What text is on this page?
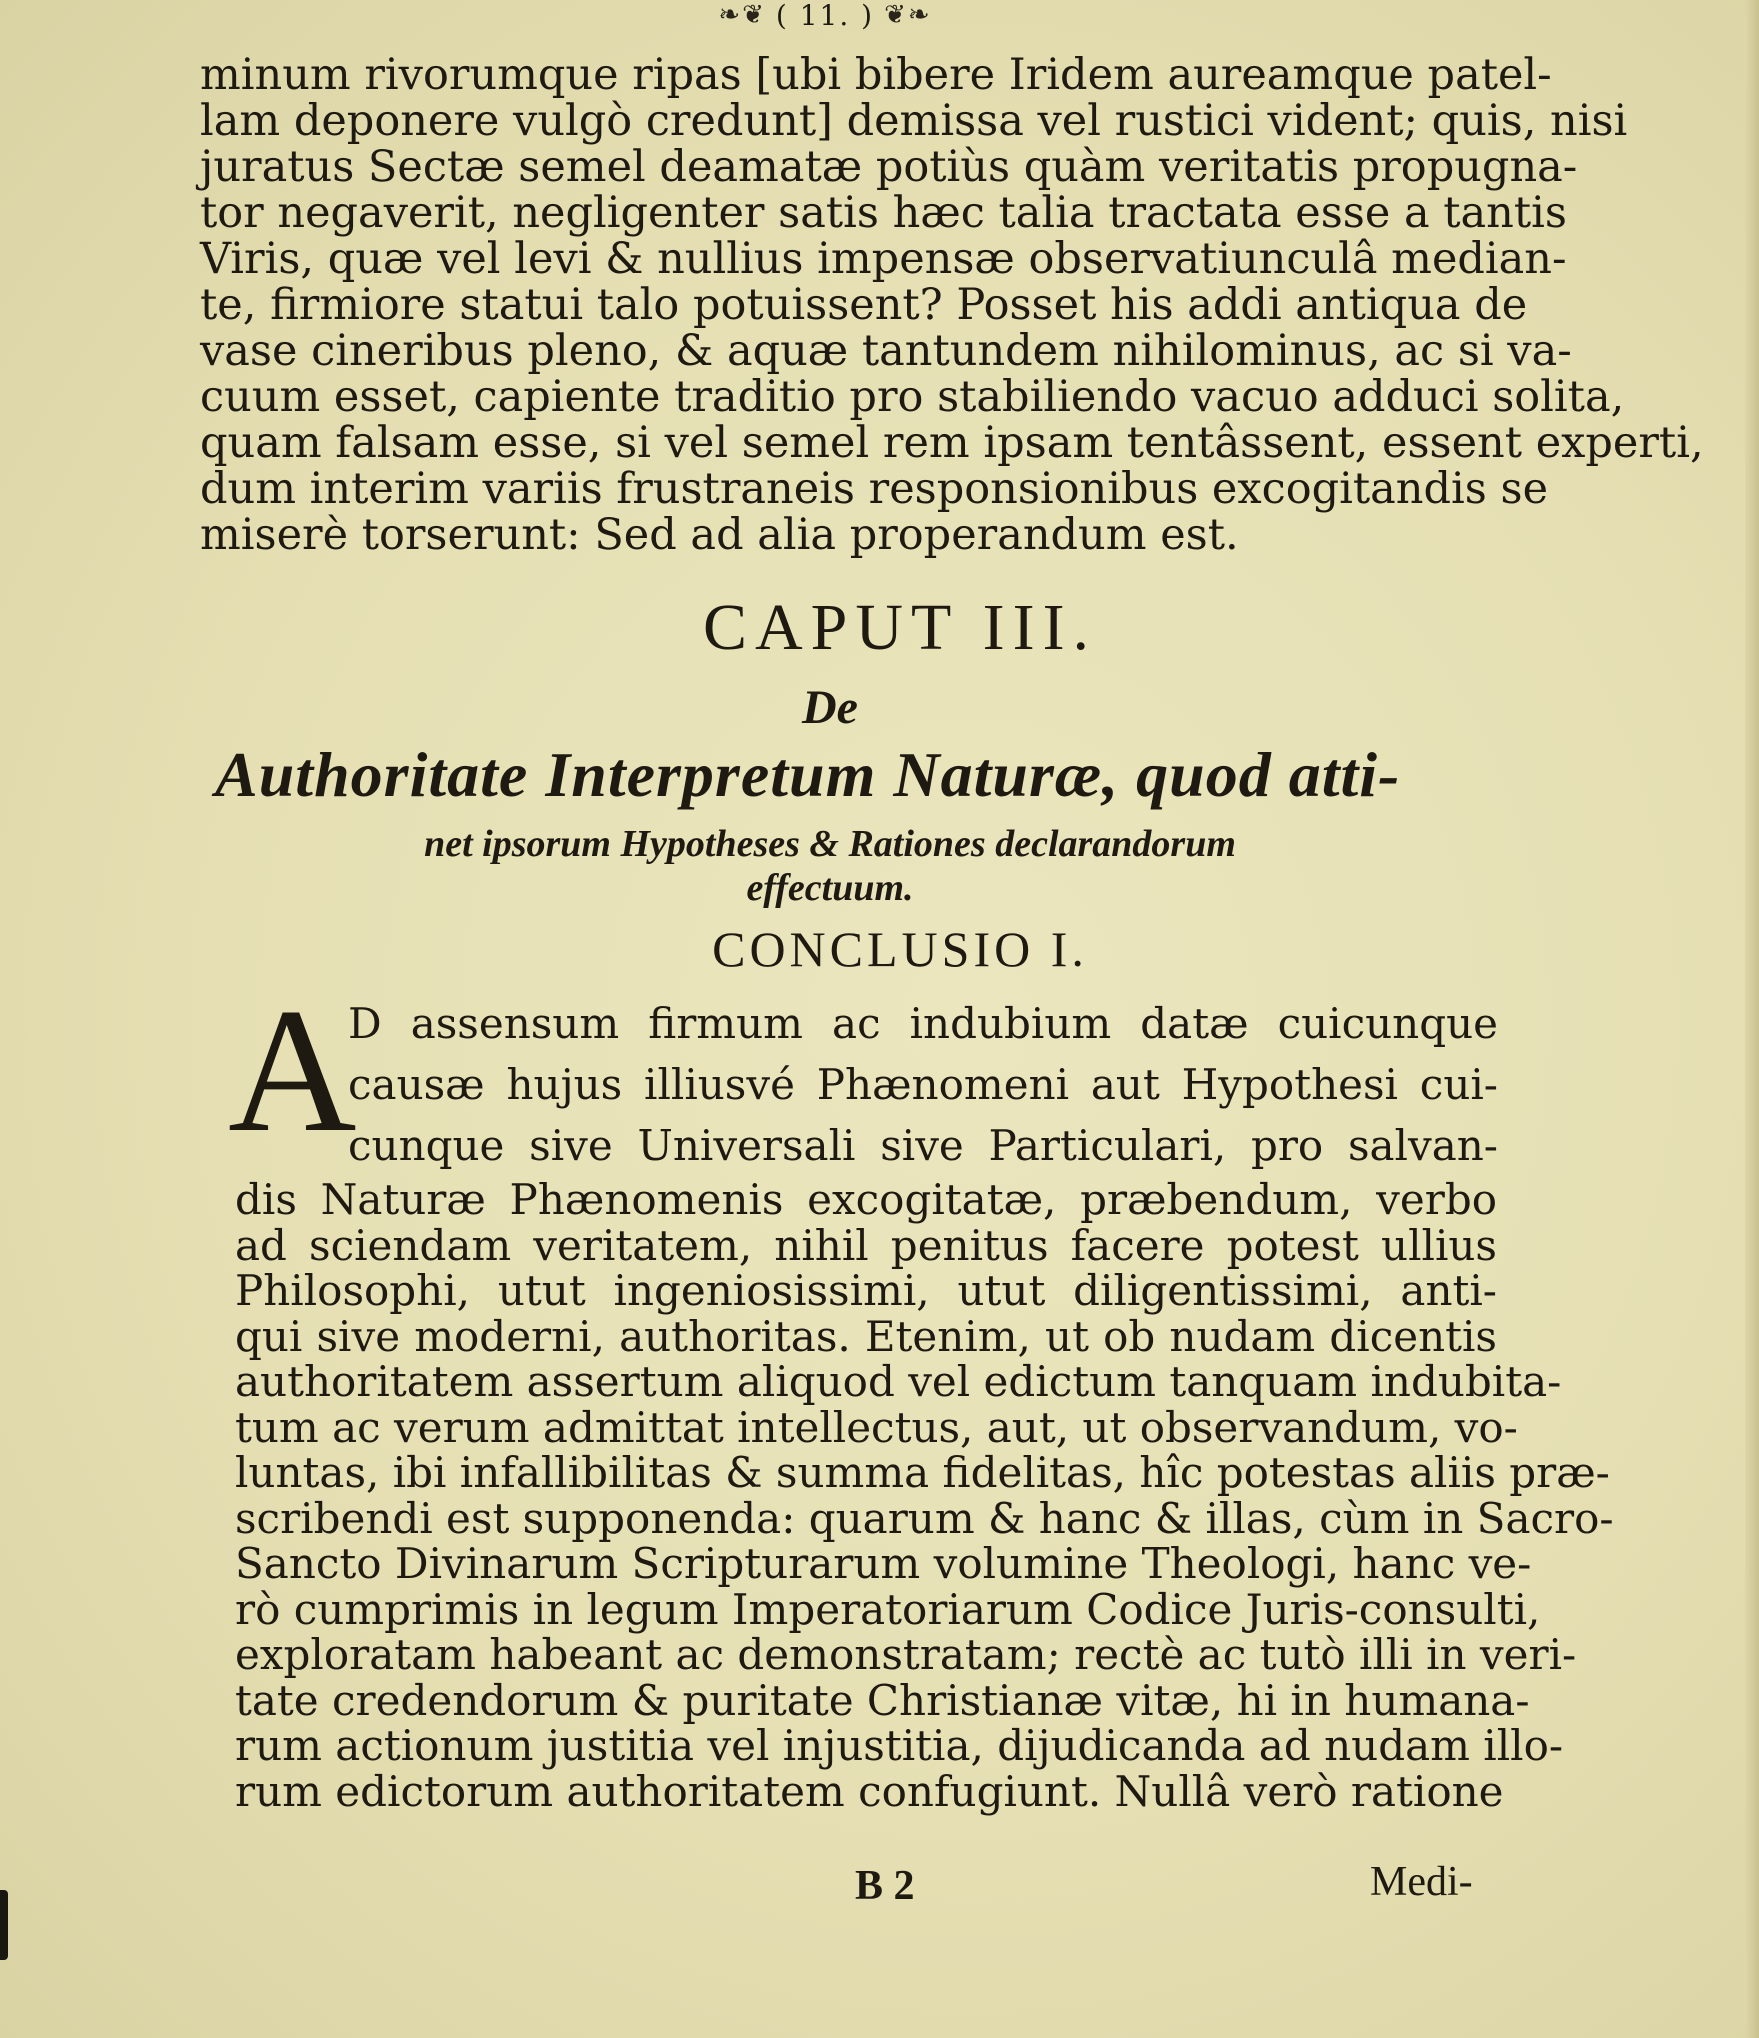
❧❦ ( 11. ) ❦❧
minum rivorumque ripas [ubi bibere Iridem aureamque patel-
lam deponere vulgò credunt] demissa vel rustici vident; quis, nisi
juratus Sectæ semel deamatæ potiùs quàm veritatis propugna-
tor negaverit, negligenter satis hæc talia tractata esse a tantis
Viris, quæ vel levi & nullius impensæ observatiunculâ median-
te, firmiore statui talo potuissent? Posset his addi antiqua de
vase cineribus pleno, & aquæ tantundem nihilominus, ac si va-
cuum esset, capiente traditio pro stabiliendo vacuo adduci solita,
quam falsam esse, si vel semel rem ipsam tentâssent, essent experti,
dum interim variis frustraneis responsionibus excogitandis se
miserè torserunt: Sed ad alia properandum est.
CAPUT III.
De
Authoritate Interpretum Naturæ, quod atti-
net ipsorum Hypotheses & Rationes declarandorum
effectuum.
CONCLUSIO I.
A
D assensum firmum ac indubium datæ cuicunque
causæ hujus illiusvé Phænomeni aut Hypothesi cui-
cunque sive Universali sive Particulari, pro salvan-
dis Naturæ Phænomenis excogitatæ, præbendum, verbo
ad sciendam veritatem, nihil penitus facere potest ullius
Philosophi, utut ingeniosissimi, utut diligentissimi, anti-
qui sive moderni, authoritas. Etenim, ut ob nudam dicentis
authoritatem assertum aliquod vel edictum tanquam indubita-
tum ac verum admittat intellectus, aut, ut observandum, vo-
luntas, ibi infallibilitas & summa fidelitas, hîc potestas aliis præ-
scribendi est supponenda: quarum & hanc & illas, cùm in Sacro-
Sancto Divinarum Scripturarum volumine Theologi, hanc ve-
rò cumprimis in legum Imperatoriarum Codice Juris-consulti,
exploratam habeant ac demonstratam; rectè ac tutò illi in veri-
tate credendorum & puritate Christianæ vitæ, hi in humana-
rum actionum justitia vel injustitia, dijudicanda ad nudam illo-
rum edictorum authoritatem confugiunt. Nullâ verò ratione
B 2	Medi-
